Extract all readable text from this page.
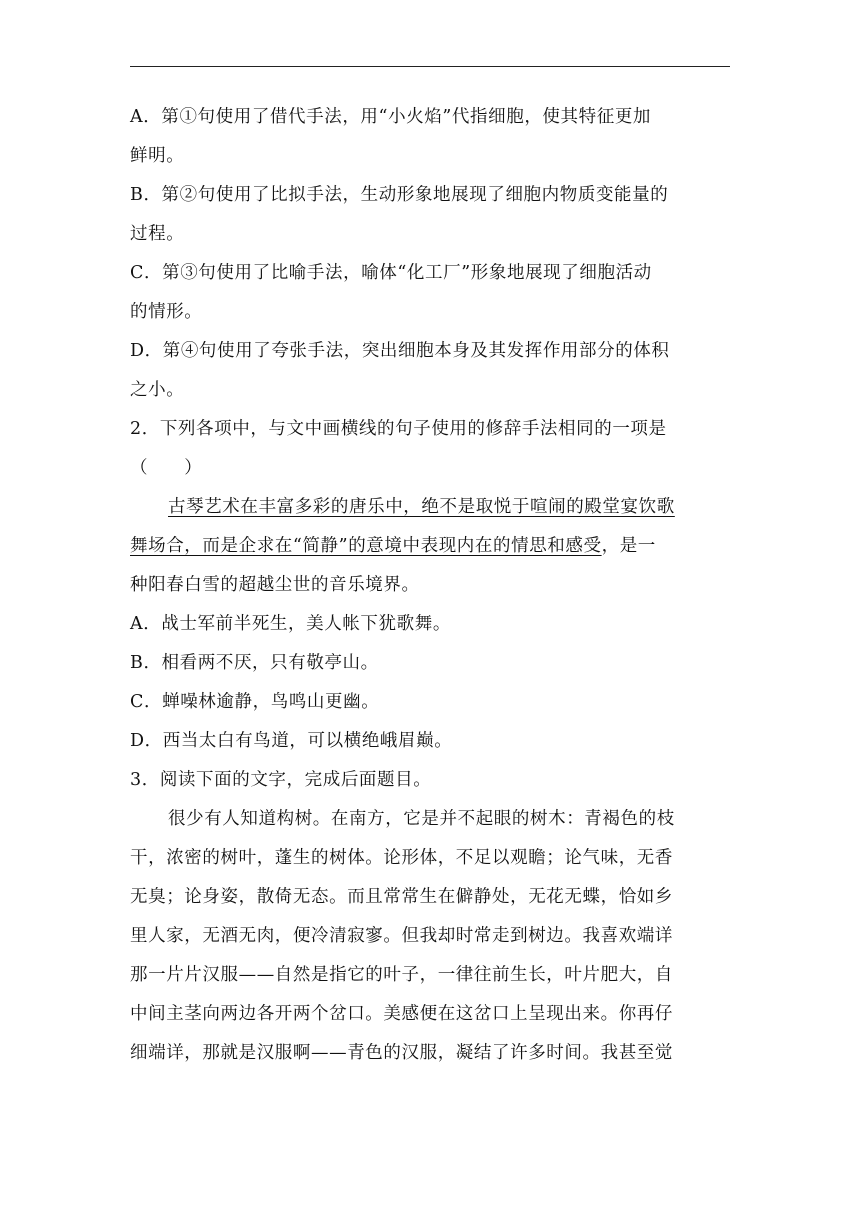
A．第①句使用了借代手法，用“小火焰”代指细胞，使其特征更加
鲜明。
B．第②句使用了比拟手法，生动形象地展现了细胞内物质变能量的
过程。
C．第③句使用了比喻手法，喻体“化工厂”形象地展现了细胞活动
的情形。
D．第④句使用了夸张手法，突出细胞本身及其发挥作用部分的体积
之小。
2．下列各项中，与文中画横线的句子使用的修辞手法相同的一项是
（　　）
古琴艺术在丰富多彩的唐乐中，绝不是取悦于喧闹的殿堂宴饮歌
舞场合，而是企求在“简静”的意境中表现内在的情思和感受，是一
种阳春白雪的超越尘世的音乐境界。
A．战士军前半死生，美人帐下犹歌舞。
B．相看两不厌，只有敬亭山。
C．蝉噪林逾静，鸟鸣山更幽。
D．西当太白有鸟道，可以横绝峨眉巅。
3．阅读下面的文字，完成后面题目。
很少有人知道构树。在南方，它是并不起眼的树木：青褐色的枝
干，浓密的树叶，蓬生的树体。论形体，不足以观瞻；论气味，无香
无臭；论身姿，散倚无态。而且常常生在僻静处，无花无蝶，恰如乡
里人家，无酒无肉，便冷清寂寥。但我却时常走到树边。我喜欢端详
那一片片汉服——自然是指它的叶子，一律往前生长，叶片肥大，自
中间主茎向两边各开两个岔口。美感便在这岔口上呈现出来。你再仔
细端详，那就是汉服啊——青色的汉服，凝结了许多时间。我甚至觉
